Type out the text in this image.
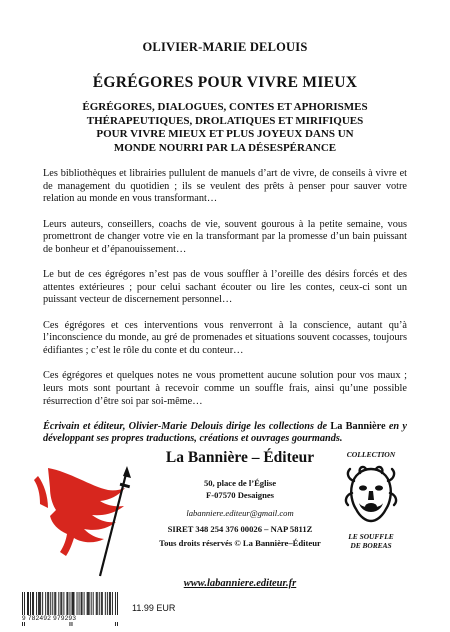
OLIVIER-MARIE DELOUIS
ÉGRÉGORES POUR VIVRE MIEUX
ÉGRÉGORES, DIALOGUES, CONTES ET APHORISMES
THÉRAPEUTIQUES, DROLATIQUES ET MIRIFIQUES
POUR VIVRE MIEUX ET PLUS JOYEUX DANS UN
MONDE NOURRI PAR LA DÉSESPÉRANCE

Les bibliothèques et librairies pullulent de manuels d’art de vivre, de conseils à vivre et de management du quotidien ; ils se veulent des prêts à penser pour sauver votre relation au monde en vous transformant…

Leurs auteurs, conseillers, coachs de vie, souvent gourous à la petite semaine, vous promettront de changer votre vie en la transformant par la promesse d’un bain puissant de bonheur et d’épanouissement…

Le but de ces égrégores n’est pas de vous souffler à l’oreille des désirs forcés et des attentes extérieures ; pour celui sachant écouter ou lire les contes, ceux-ci sont un puissant vecteur de discernement personnel…

Ces égrégores et ces interventions vous renverront à la conscience, autant qu’à l’inconscience du monde, au gré de promenades et situations souvent cocasses, toujours édifiantes ; c’est le rôle du conte et du conteur…

Ces égrégores et quelques notes ne vous promettent aucune solution pour vos maux ; leurs mots sont pourtant à recevoir comme un souffle frais, ainsi qu’une possible résurrection d’être soi par soi-même…

Écrivain et éditeur, Olivier-Marie Delouis dirige les collections de La Bannière en y développant ses propres traductions, créations et ouvrages gourmands.

La Bannière – Éditeur
50, place de l’Église
F-07570 Desaignes
labanniere.editeur@gmail.com
SIRET 348 254 376 00026 – NAP 5811Z
Tous droits réservés © La Bannière–Éditeur
www.labanniere.editeur.fr
COLLECTION
LE SOUFFLE
DE BOREAS
9 782492 979293
11.99 EUR
